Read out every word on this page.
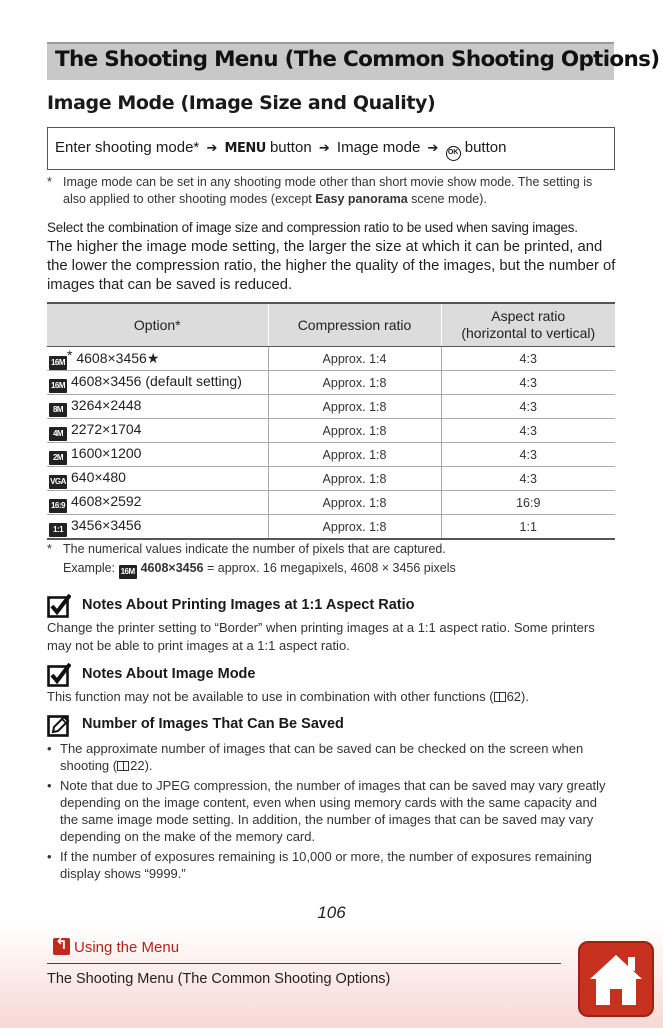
The Shooting Menu (The Common Shooting Options)
Image Mode (Image Size and Quality)
Enter shooting mode* ➔ MENU button ➔ Image mode ➔ OK button
* Image mode can be set in any shooting mode other than short movie show mode. The setting is also applied to other shooting modes (except Easy panorama scene mode).
Select the combination of image size and compression ratio to be used when saving images.
The higher the image mode setting, the larger the size at which it can be printed, and the lower the compression ratio, the higher the quality of the images, but the number of images that can be saved is reduced.
Option*	Compression ratio	Aspect ratio
(horizontal to vertical)
16M * 4608×3456★	Approx. 1:4	4:3
16M 4608×3456 (default setting)	Approx. 1:8	4:3
8M 3264×2448	Approx. 1:8	4:3
4M 2272×1704	Approx. 1:8	4:3
2M 1600×1200	Approx. 1:8	4:3
VGA 640×480	Approx. 1:8	4:3
16:9 4608×2592	Approx. 1:8	16:9
1:1 3456×3456	Approx. 1:8	1:1
* The numerical values indicate the number of pixels that are captured.
Example: 16M 4608×3456 = approx. 16 megapixels, 4608 × 3456 pixels
Notes About Printing Images at 1:1 Aspect Ratio
Change the printer setting to “Border” when printing images at a 1:1 aspect ratio. Some printers may not be able to print images at a 1:1 aspect ratio.
Notes About Image Mode
This function may not be available to use in combination with other functions ( 62).
Number of Images That Can Be Saved
• The approximate number of images that can be saved can be checked on the screen when shooting ( 22).
• Note that due to JPEG compression, the number of images that can be saved may vary greatly depending on the image content, even when using memory cards with the same capacity and the same image mode setting. In addition, the number of images that can be saved may vary depending on the make of the memory card.
• If the number of exposures remaining is 10,000 or more, the number of exposures remaining display shows “9999.”
106
↰Using the Menu
The Shooting Menu (The Common Shooting Options)
